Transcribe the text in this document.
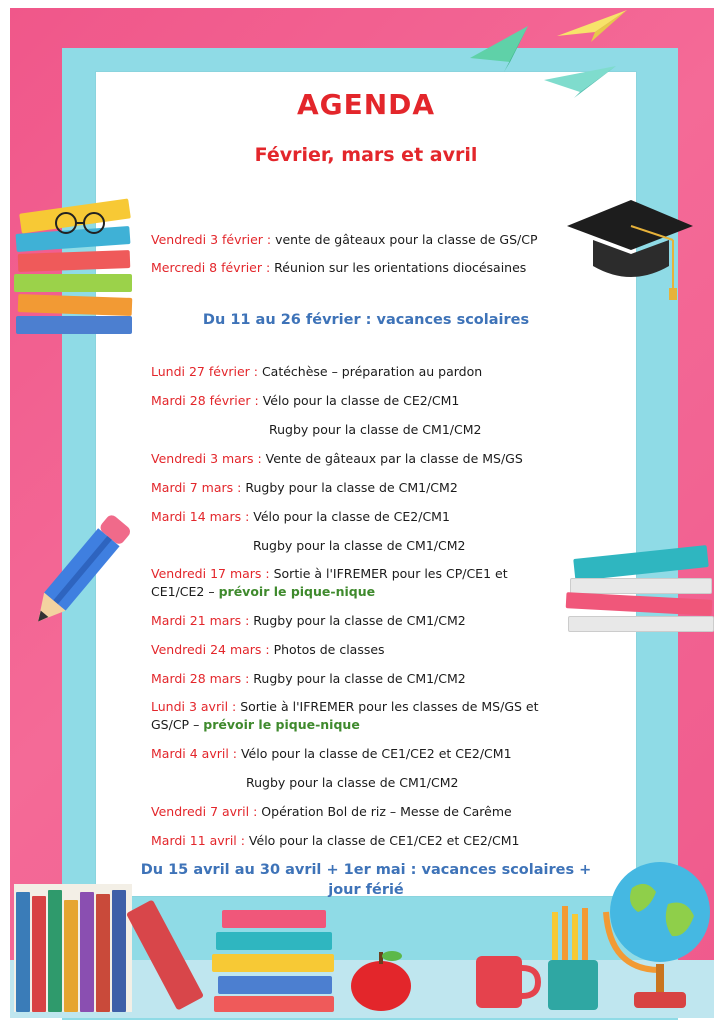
AGENDA
Février, mars et avril
Vendredi 3 février : vente de gâteaux pour la classe de GS/CP
Mercredi 8 février : Réunion sur les orientations diocésaines
Du 11 au 26 février : vacances scolaires
Lundi 27 février : Catéchèse – préparation au pardon
Mardi 28 février : Vélo pour la classe de CE2/CM1
Rugby pour la classe de CM1/CM2
Vendredi 3 mars : Vente de gâteaux par la classe de MS/GS
Mardi 7 mars : Rugby pour la classe de CM1/CM2
Mardi 14 mars : Vélo pour la classe de CE2/CM1
Rugby pour la classe de CM1/CM2
Vendredi 17 mars : Sortie à l'IFREMER pour les CP/CE1 et
CE1/CE2 – prévoir le pique-nique
Mardi 21 mars : Rugby pour la classe de CM1/CM2
Vendredi 24 mars : Photos de classes
Mardi 28 mars : Rugby pour la classe de CM1/CM2
Lundi 3 avril : Sortie à l'IFREMER pour les classes de MS/GS et
GS/CP – prévoir le pique-nique
Mardi 4 avril : Vélo pour la classe de CE1/CE2 et CE2/CM1
Rugby pour la classe de CM1/CM2
Vendredi 7 avril : Opération Bol de riz – Messe de Carême
Mardi 11 avril : Vélo pour la classe de CE1/CE2 et CE2/CM1
Du 15 avril au 30 avril + 1er mai : vacances scolaires +
jour férié
